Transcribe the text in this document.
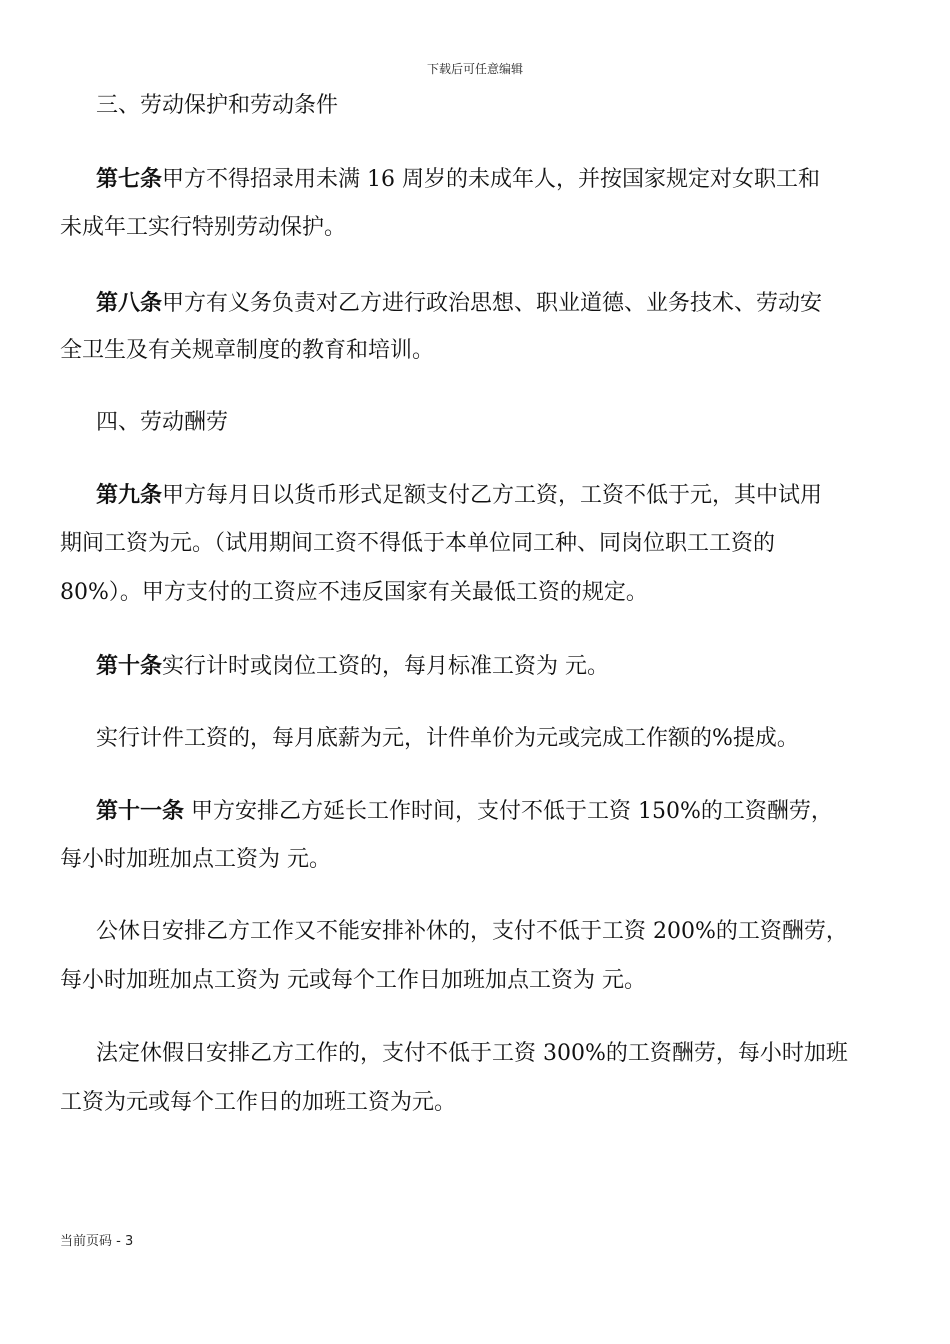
下载后可任意编辑
三、劳动保护和劳动条件
第七条甲方不得招录用未满 16 周岁的未成年人，并按国家规定对女职工和
未成年工实行特别劳动保护。
第八条甲方有义务负责对乙方进行政治思想、职业道德、业务技术、劳动安
全卫生及有关规章制度的教育和培训。
四、劳动酬劳
第九条甲方每月日以货币形式足额支付乙方工资，工资不低于元，其中试用
期间工资为元。（试用期间工资不得低于本单位同工种、同岗位职工工资的
80%）。甲方支付的工资应不违反国家有关最低工资的规定。
第十条实行计时或岗位工资的，每月标准工资为 元。
实行计件工资的，每月底薪为元，计件单价为元或完成工作额的%提成。
第十一条 甲方安排乙方延长工作时间，支付不低于工资 150%的工资酬劳，
每小时加班加点工资为 元。
公休日安排乙方工作又不能安排补休的，支付不低于工资 200%的工资酬劳，
每小时加班加点工资为 元或每个工作日加班加点工资为 元。
法定休假日安排乙方工作的，支付不低于工资 300%的工资酬劳，每小时加班
工资为元或每个工作日的加班工资为元。
当前页码 - 3
